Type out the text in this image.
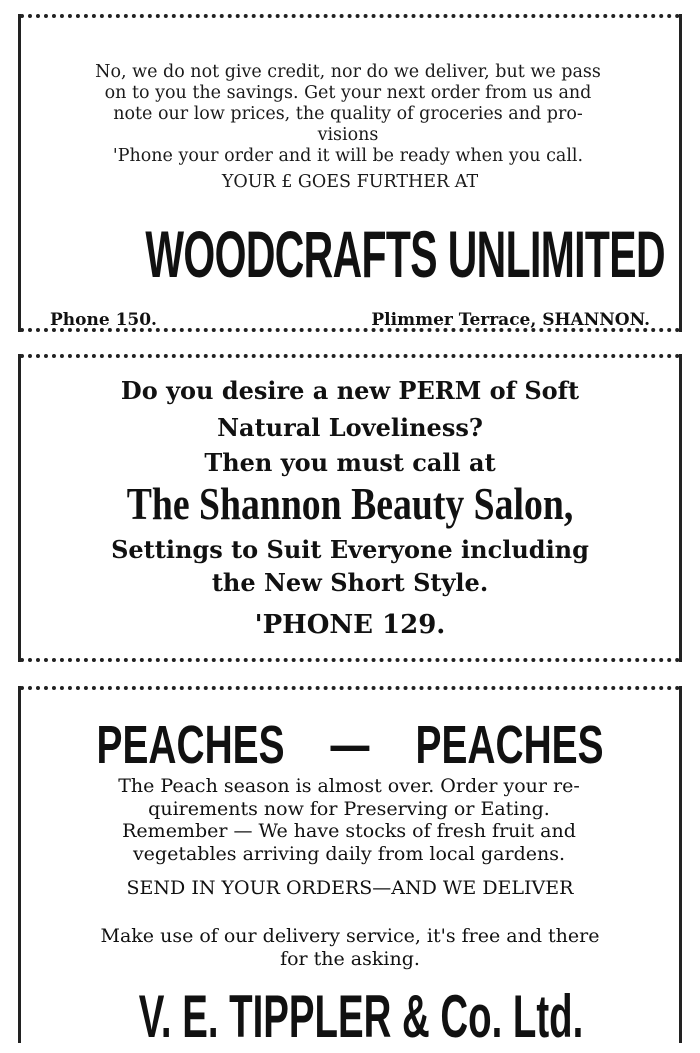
No, we do not give credit, nor do we deliver, but we pass

on to you the savings. Get your next order from us and

note our low prices, the quality of groceries and pro-

visions

'Phone your order and it will be ready when you call.

YOUR £ GOES FURTHER AT
WOODCRAFTS UNLIMITED
Phone 150.	Plimmer Terrace, SHANNON.
Do you desire a new PERM of Soft
Natural Loveliness?
Then you must call at
The Shannon Beauty Salon,
Settings to Suit Everyone including
the New Short Style.
'PHONE 129.
PEACHES — PEACHES

The Peach season is almost over. Order your re-

quirements now for Preserving or Eating.

Remember — We have stocks of fresh fruit and

vegetables arriving daily from local gardens.

SEND IN YOUR ORDERS—AND WE DELIVER
Make use of our delivery service, it's free and there for the asking.
V. E. TIPPLER & Co. Ltd.
